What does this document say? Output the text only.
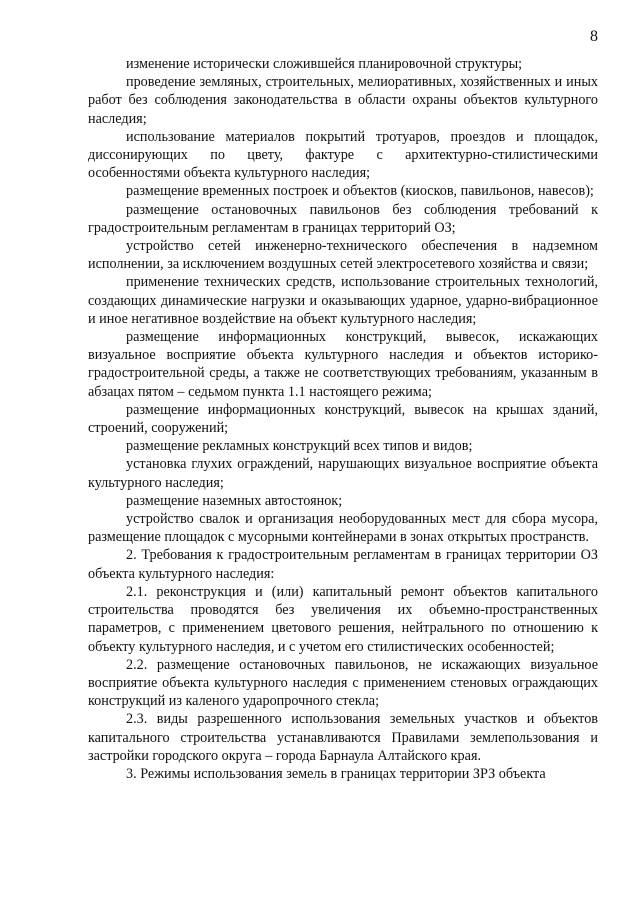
8

изменение исторически сложившейся планировочной структуры;

проведение земляных, строительных, мелиоративных, хозяйственных и иных работ без соблюдения законодательства в области охраны объектов культурного наследия;

использование материалов покрытий тротуаров, проездов и площадок, диссонирующих по цвету, фактуре с архитектурно-стилистическими особенностями объекта культурного наследия;

размещение временных построек и объектов (киосков, павильонов, навесов);

размещение остановочных павильонов без соблюдения требований к градостроительным регламентам в границах территорий ОЗ;

устройство сетей инженерно-технического обеспечения в надземном исполнении, за исключением воздушных сетей электросетевого хозяйства и связи;

применение технических средств, использование строительных технологий, создающих динамические нагрузки и оказывающих ударное, ударно-вибрационное и иное негативное воздействие на объект культурного наследия;

размещение информационных конструкций, вывесок, искажающих визуальное восприятие объекта культурного наследия и объектов историко-градостроительной среды, а также не соответствующих требованиям, указанным в абзацах пятом – седьмом пункта 1.1 настоящего режима;

размещение информационных конструкций, вывесок на крышах зданий, строений, сооружений;

размещение рекламных конструкций всех типов и видов;

установка глухих ограждений, нарушающих визуальное восприятие объекта культурного наследия;

размещение наземных автостоянок;

устройство свалок и организация необорудованных мест для сбора мусора, размещение площадок с мусорными контейнерами в зонах открытых пространств.

2. Требования к градостроительным регламентам в границах территории ОЗ объекта культурного наследия:

2.1. реконструкция и (или) капитальный ремонт объектов капитального строительства проводятся без увеличения их объемно-пространственных параметров, с применением цветового решения, нейтрального по отношению к объекту культурного наследия, и с учетом его стилистических особенностей;

2.2. размещение остановочных павильонов, не искажающих визуальное восприятие объекта культурного наследия с применением стеновых ограждающих конструкций из каленого ударопрочного стекла;

2.3. виды разрешенного использования земельных участков и объектов капитального строительства устанавливаются Правилами землепользования и застройки городского округа – города Барнаула Алтайского края.

3. Режимы использования земель в границах территории ЗРЗ объекта
